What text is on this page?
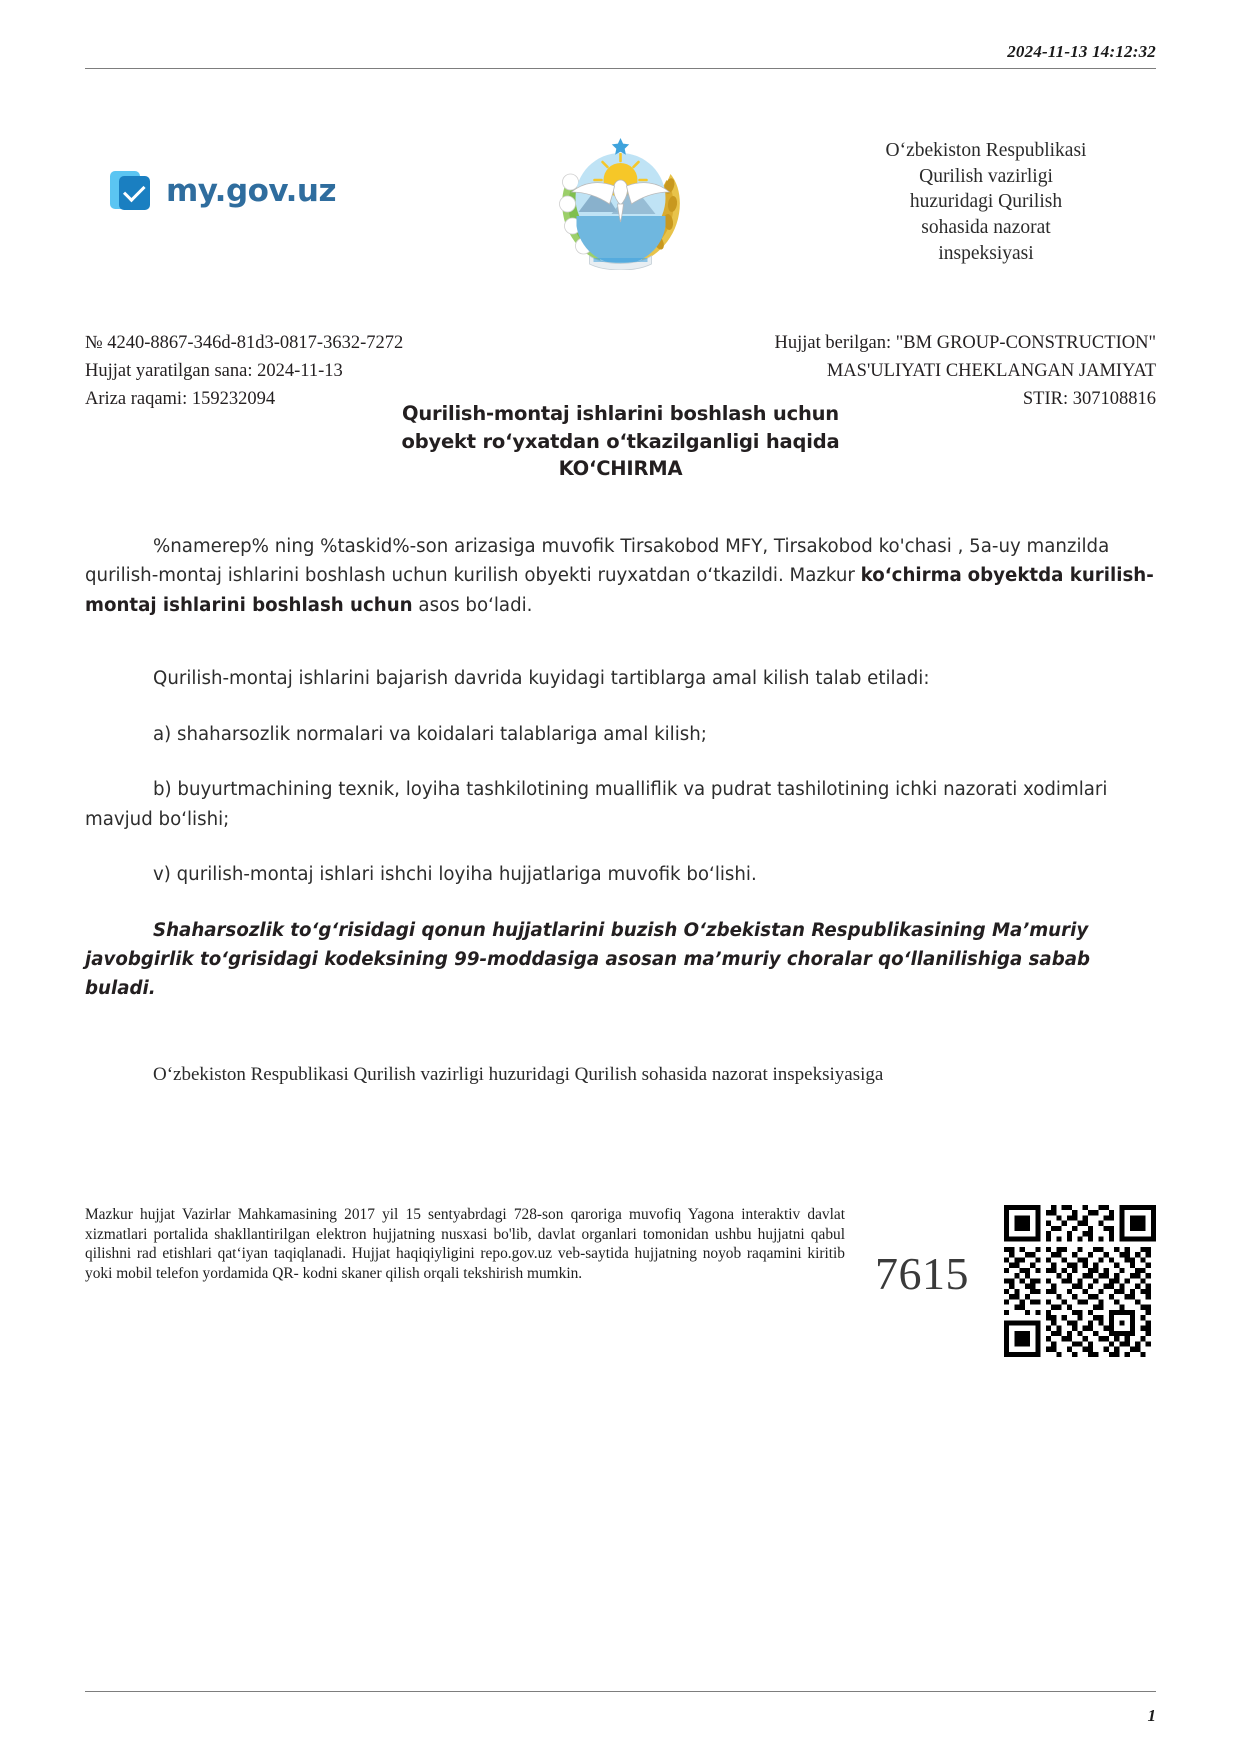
2024-11-13 14:12:32
my.gov.uz
O‘zbekiston Respublikasi
Qurilish vazirligi
huzuridagi Qurilish
sohasida nazorat
inspeksiyasi
№ 4240-8867-346d-81d3-0817-3632-7272
Hujjat yaratilgan sana: 2024-11-13
Ariza raqami: 159232094
Hujjat berilgan: "BM GROUP-CONSTRUCTION"
MAS'ULIYATI CHEKLANGAN JAMIYAT
STIR: 307108816
Qurilish-montaj ishlarini boshlash uchun
obyekt ro‘yxatdan o‘tkazilganligi haqida
KO‘CHIRMA

%namerep% ning %taskid%-son arizasiga muvofik Tirsakobod MFY, Tirsakobod ko'chasi , 5a-uy manzilda qurilish-montaj ishlarini boshlash uchun kurilish obyekti ruyxatdan o‘tkazildi. Mazkur ko‘chirma obyektda kurilish-montaj ishlarini boshlash uchun asos bo‘ladi.

Qurilish-montaj ishlarini bajarish davrida kuyidagi tartiblarga amal kilish talab etiladi:

a) shaharsozlik normalari va koidalari talablariga amal kilish;

b) buyurtmachining texnik, loyiha tashkilotining mualliflik va pudrat tashilotining ichki nazorati xodimlari mavjud bo‘lishi;

v) qurilish-montaj ishlari ishchi loyiha hujjatlariga muvofik bo‘lishi.

Shaharsozlik to‘g‘risidagi qonun hujjatlarini buzish O‘zbekistan Respublikasining Ma’muriy javobgirlik to‘grisidagi kodeksining 99-moddasiga asosan ma’muriy choralar qo‘llanilishiga sabab buladi.

O‘zbekiston Respublikasi Qurilish vazirligi huzuridagi Qurilish sohasida nazorat inspeksiyasiga

Mazkur hujjat Vazirlar Mahkamasining 2017 yil 15 sentyabrdagi 728-son qaroriga muvofiq Yagona interaktiv davlat xizmatlari portalida shakllantirilgan elektron hujjatning nusxasi bo'lib, davlat organlari tomonidan ushbu hujjatni qabul qilishni rad etishlari qat‘iyan taqiqlanadi. Hujjat haqiqiyligini repo.gov.uz veb-saytida hujjatning noyob raqamini kiritib yoki mobil telefon yordamida QR- kodni skaner qilish orqali tekshirish mumkin.	7615
1
